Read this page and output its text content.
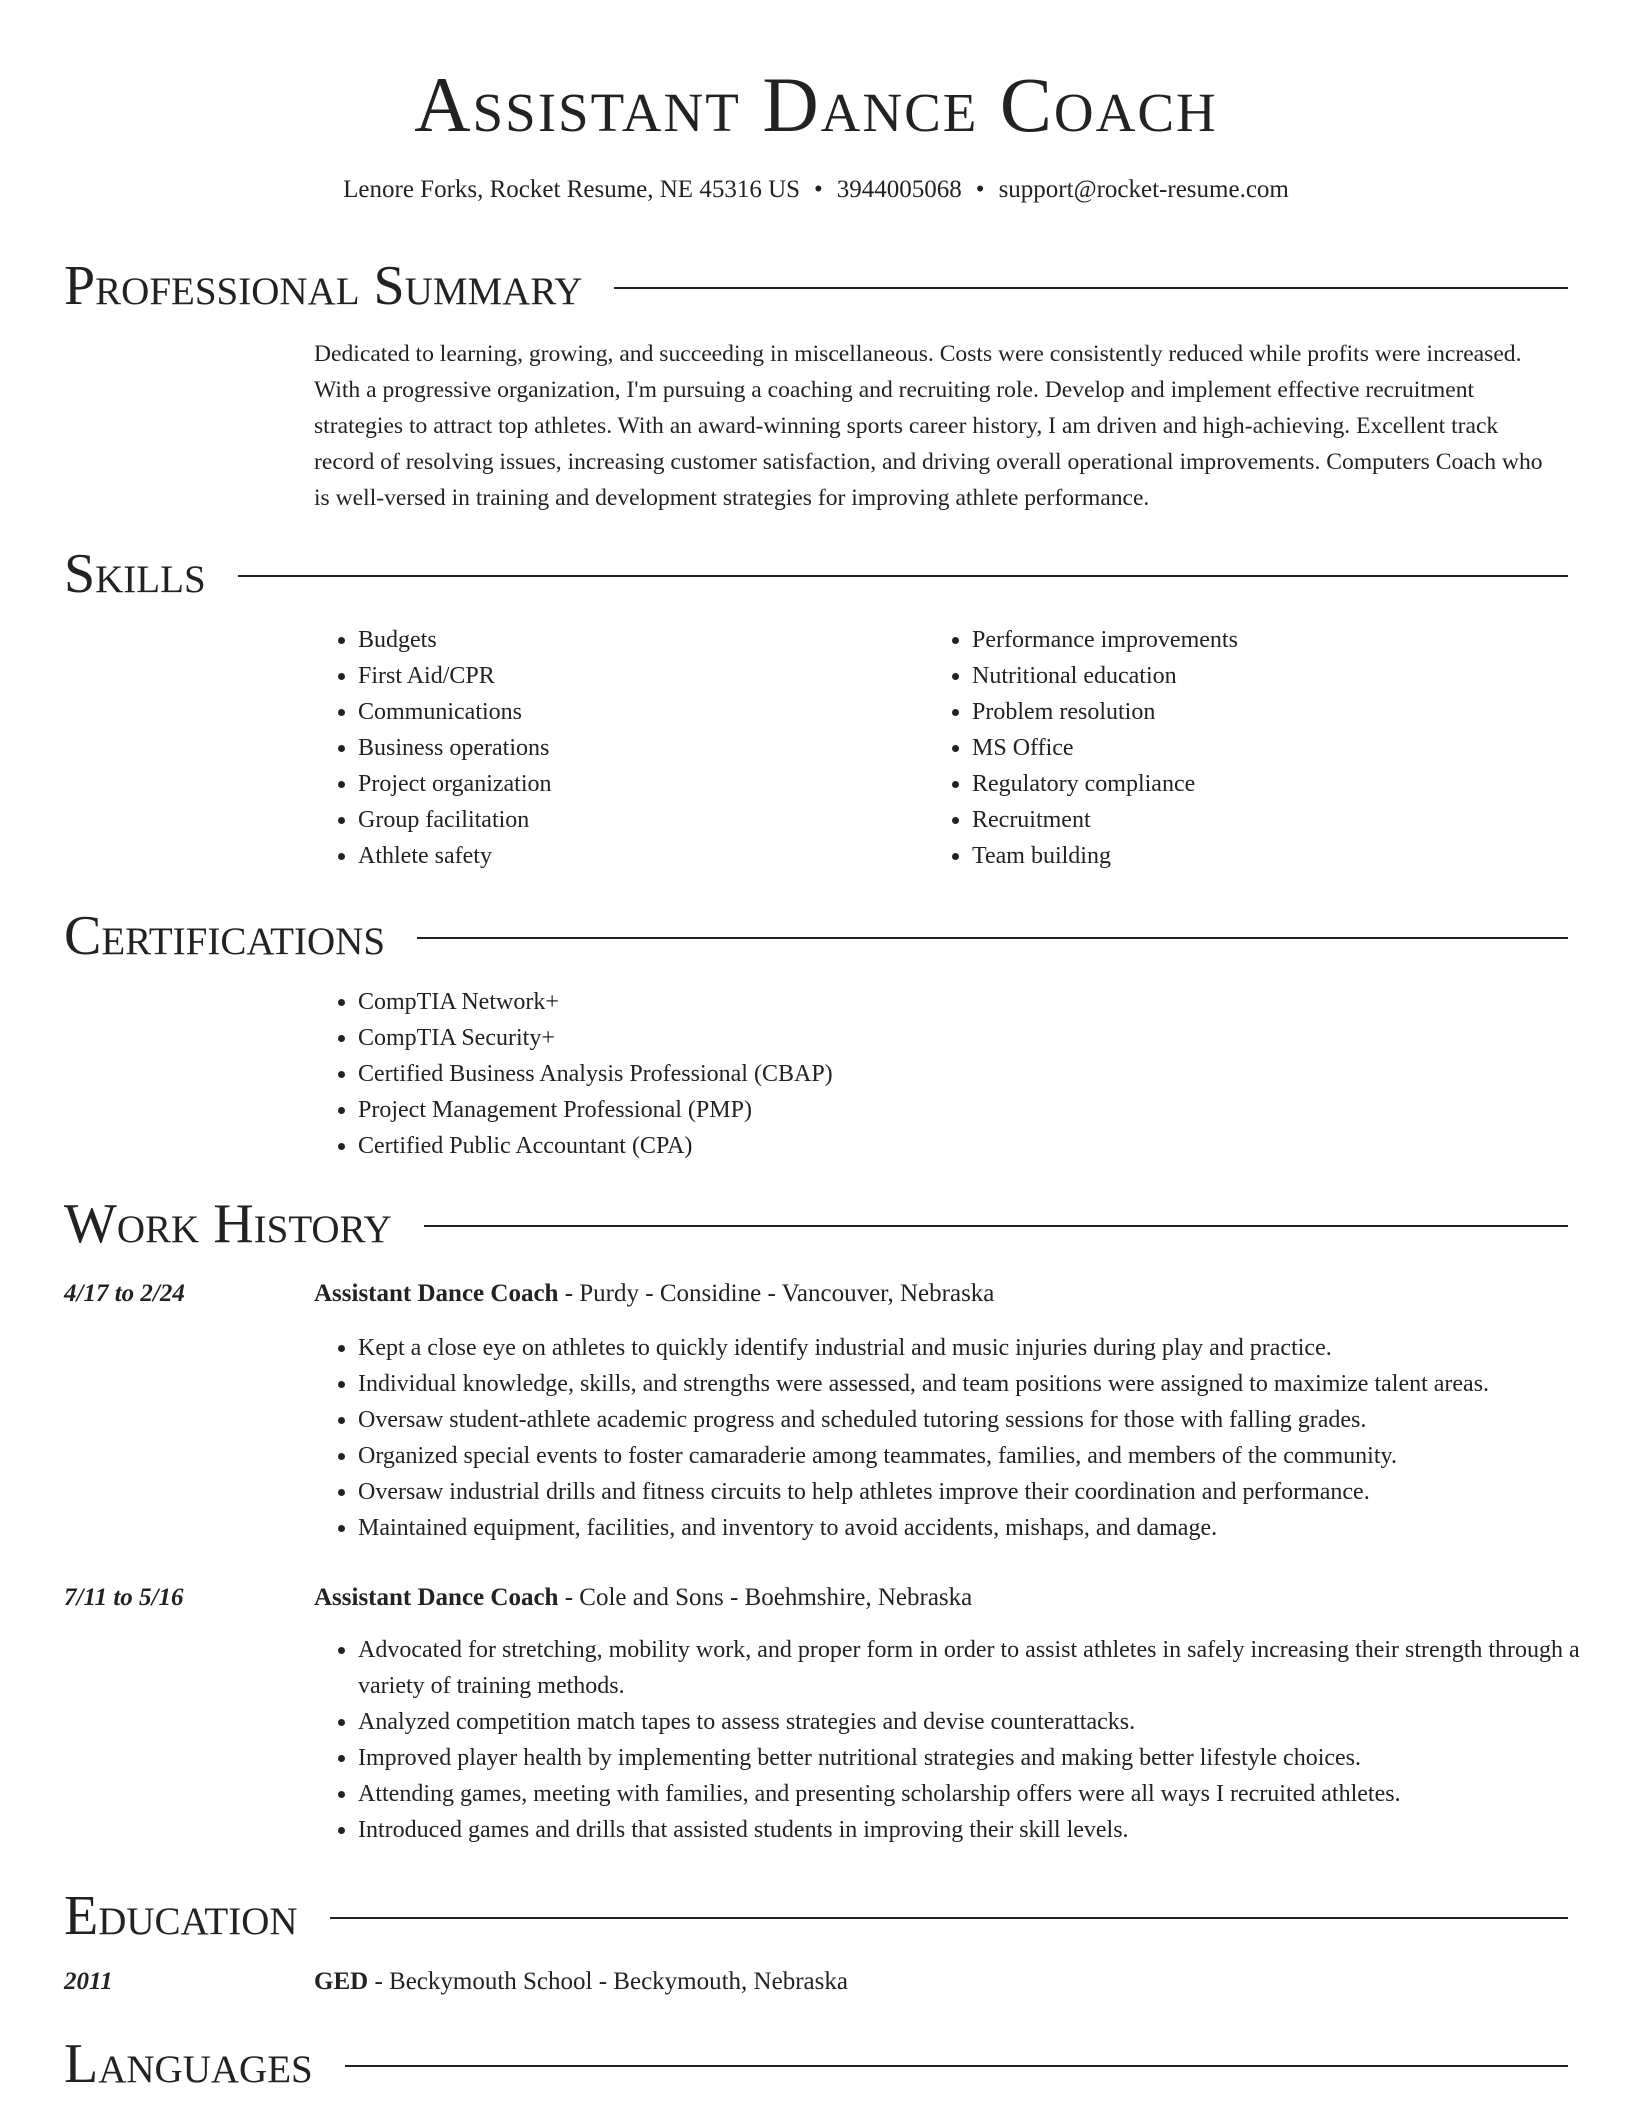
Assistant Dance Coach
Lenore Forks, Rocket Resume, NE 45316 US • 3944005068 • support@rocket-resume.com
Professional Summary

Dedicated to learning, growing, and succeeding in miscellaneous. Costs were consistently reduced while profits were increased. With a progressive organization, I'm pursuing a coaching and recruiting role. Develop and implement effective recruitment strategies to attract top athletes. With an award-winning sports career history, I am driven and high-achieving. Excellent track record of resolving issues, increasing customer satisfaction, and driving overall operational improvements. Computers Coach who is well-versed in training and development strategies for improving athlete performance.

Skills
• Budgets
• First Aid/CPR
• Communications
• Business operations
• Project organization
• Group facilitation
• Athlete safety
• Performance improvements
• Nutritional education
• Problem resolution
• MS Office
• Regulatory compliance
• Recruitment
• Team building
Certifications
• CompTIA Network+
• CompTIA Security+
• Certified Business Analysis Professional (CBAP)
• Project Management Professional (PMP)
• Certified Public Accountant (CPA)
Work History
4/17 to 2/24	Assistant Dance Coach - Purdy - Considine - Vancouver, Nebraska
• Kept a close eye on athletes to quickly identify industrial and music injuries during play and practice.
• Individual knowledge, skills, and strengths were assessed, and team positions were assigned to maximize talent areas.
• Oversaw student-athlete academic progress and scheduled tutoring sessions for those with falling grades.
• Organized special events to foster camaraderie among teammates, families, and members of the community.
• Oversaw industrial drills and fitness circuits to help athletes improve their coordination and performance.
• Maintained equipment, facilities, and inventory to avoid accidents, mishaps, and damage.
7/11 to 5/16	Assistant Dance Coach - Cole and Sons - Boehmshire, Nebraska
• Advocated for stretching, mobility work, and proper form in order to assist athletes in safely increasing their strength through a variety of training methods.
• Analyzed competition match tapes to assess strategies and devise counterattacks.
• Improved player health by implementing better nutritional strategies and making better lifestyle choices.
• Attending games, meeting with families, and presenting scholarship offers were all ways I recruited athletes.
• Introduced games and drills that assisted students in improving their skill levels.
Education
2011	GED - Beckymouth School - Beckymouth, Nebraska
Languages
